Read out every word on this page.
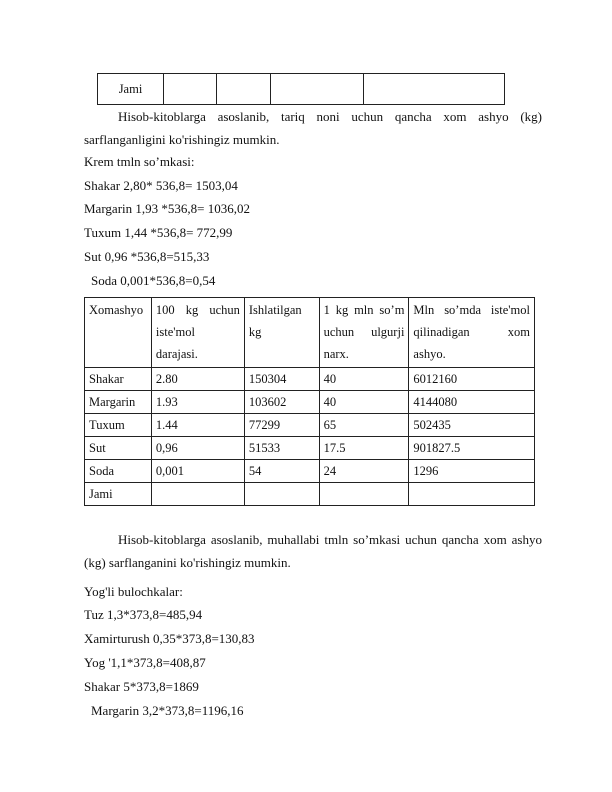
Jami				
Hisob-kitoblarga asoslanib, tariq noni uchun qancha xom ashyo (kg) sarflanganligini ko'rishingiz mumkin.
Krem tmln so’mkasi:
Shakar 2,80* 536,8= 1503,04
Margarin 1,93 *536,8= 1036,02
Tuxum 1,44 *536,8= 772,99
Sut 0,96 *536,8=515,33
Soda 0,001*536,8=0,54
Xomashyo	100 kg uchun iste'mol darajasi.	Ishlatilgan kg	1 kg mln so’m uchun ulgurji narx.	Mln so’mda iste'mol qilinadigan xom ashyo.
Shakar	2.80	150304	40	6012160
Margarin	1.93	103602	40	4144080
Tuxum	1.44	77299	65	502435
Sut	0,96	51533	17.5	901827.5
Soda	0,001	54	24	1296
Jami				
Hisob-kitoblarga asoslanib, muhallabi tmln so’mkasi uchun qancha xom ashyo (kg) sarflanganini ko'rishingiz mumkin.
Yog'li bulochkalar:
Tuz 1,3*373,8=485,94
Xamirturush 0,35*373,8=130,83
Yog '1,1*373,8=408,87
Shakar 5*373,8=1869
Margarin 3,2*373,8=1196,16
